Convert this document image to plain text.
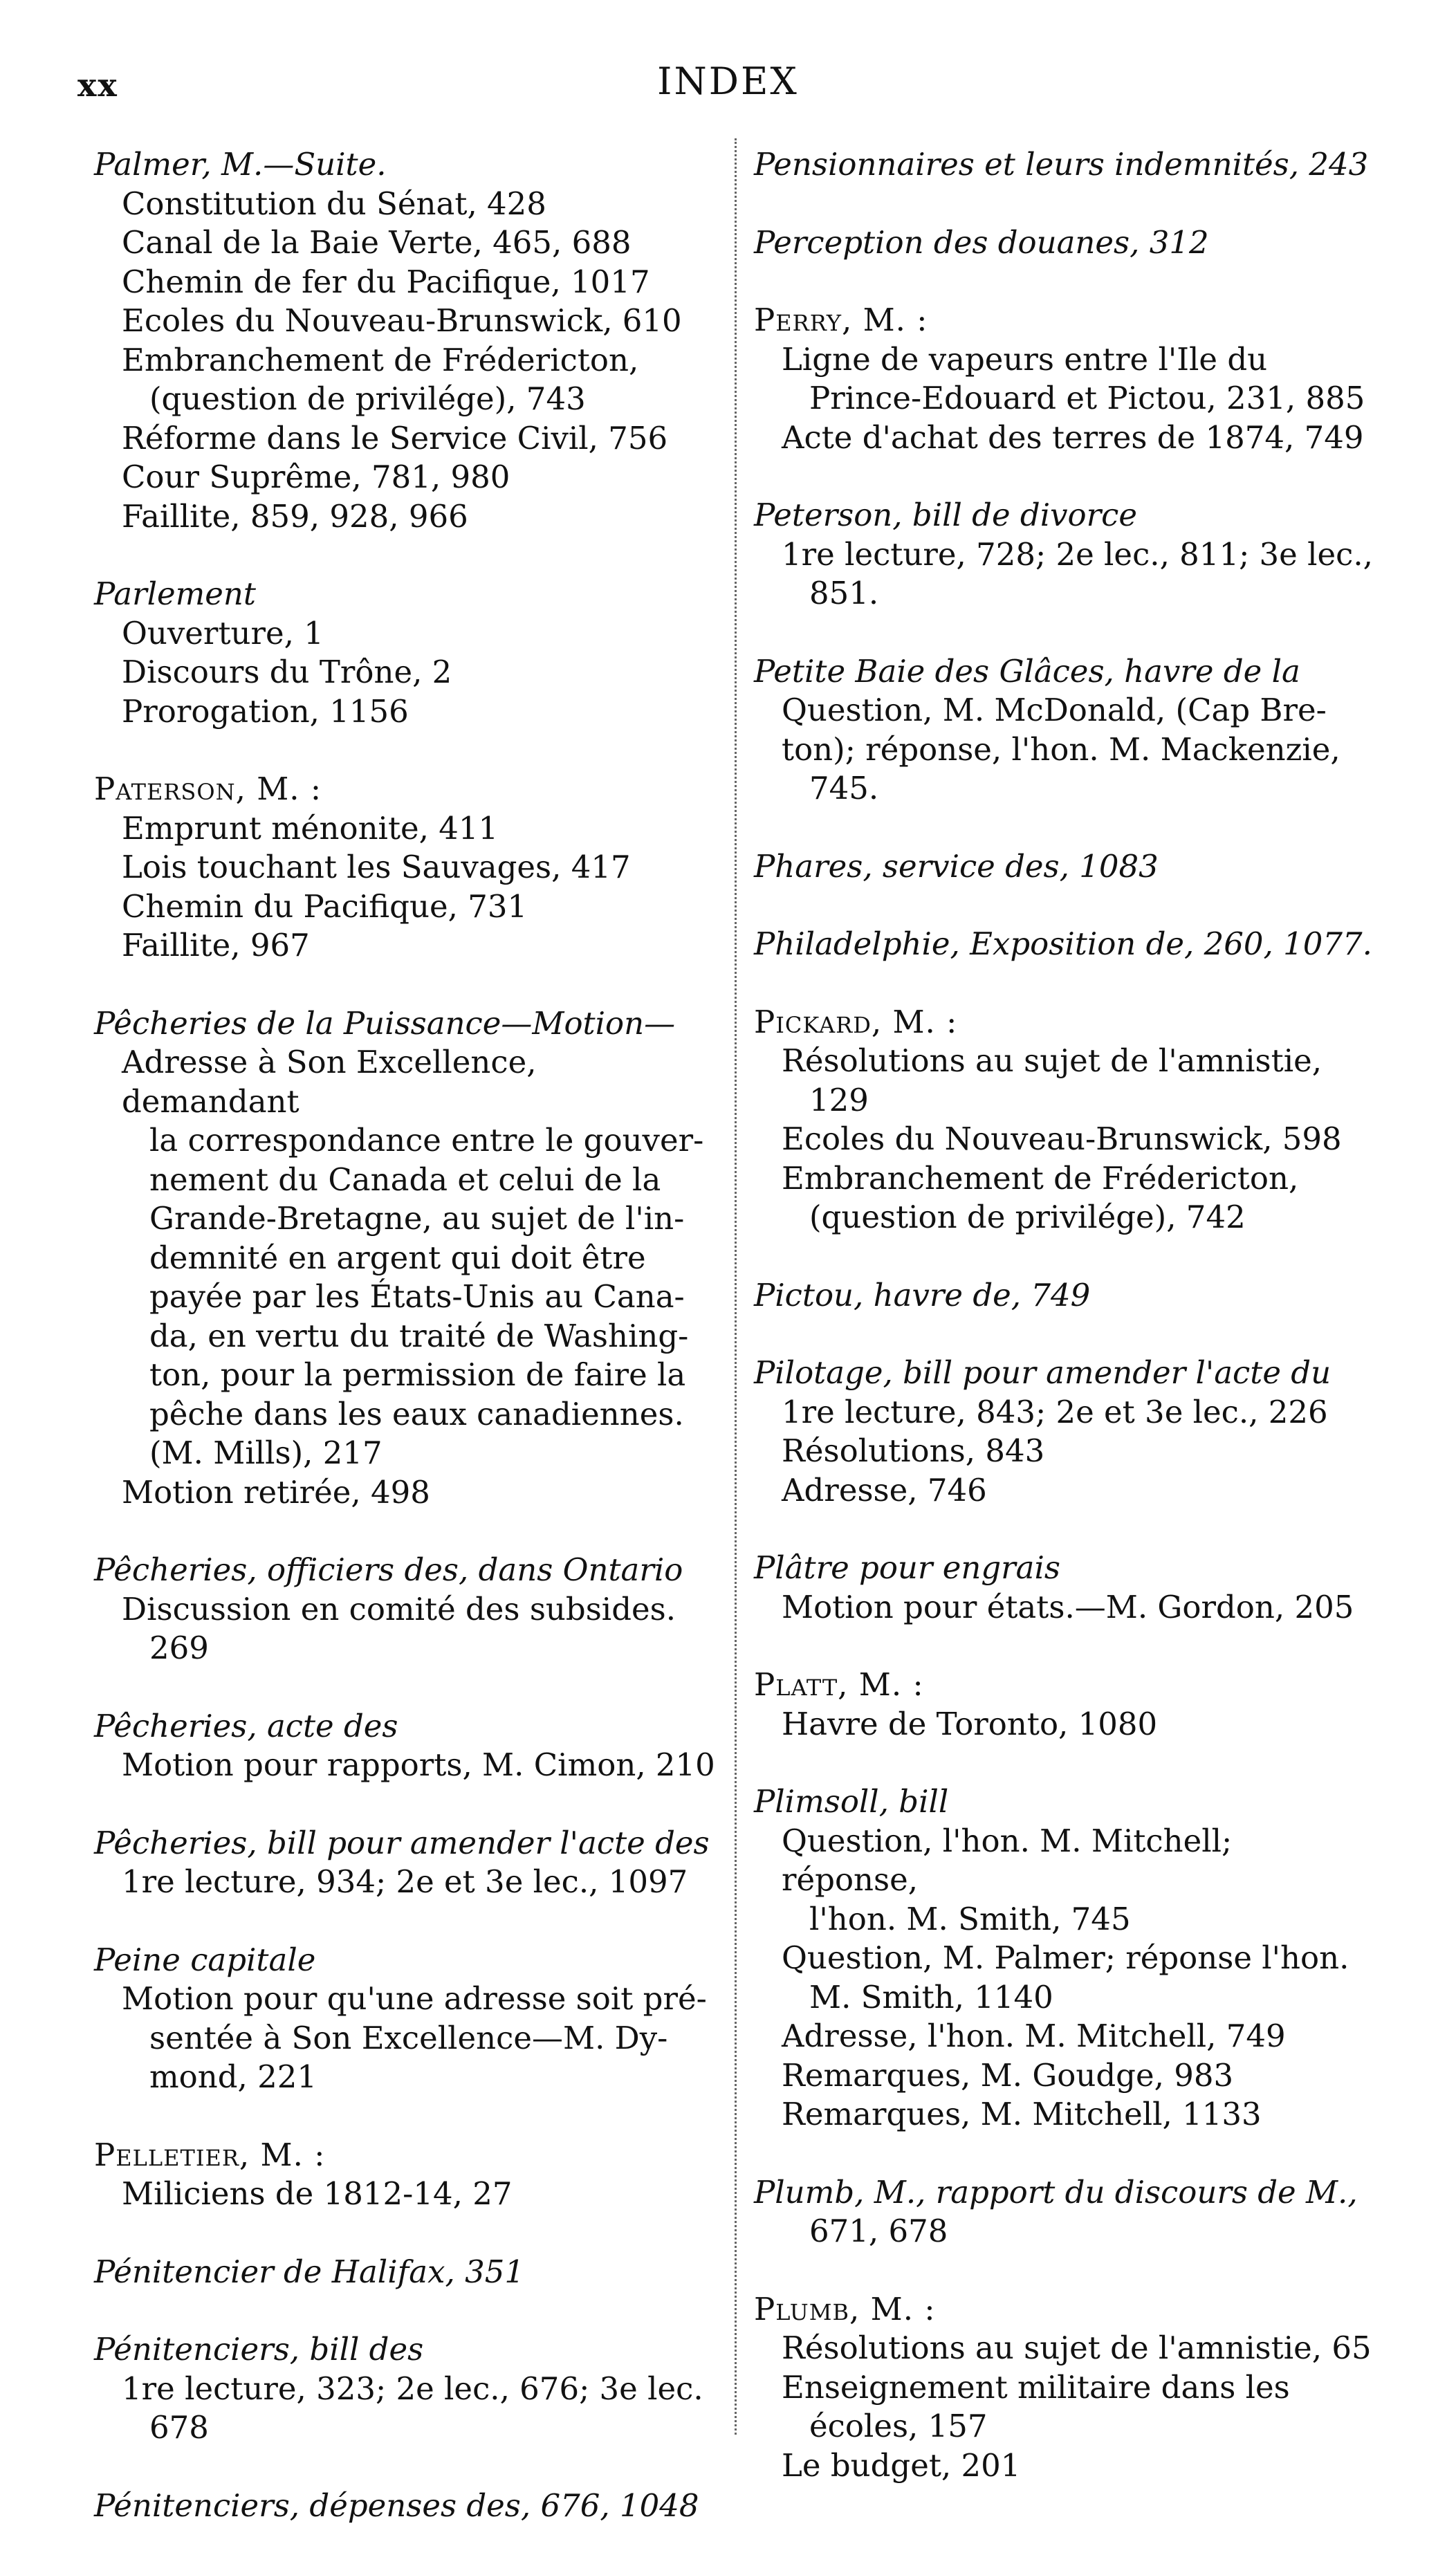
xx	INDEX
Palmer, M.—Suite.
Constitution du Sénat, 428
Canal de la Baie Verte, 465, 688
Chemin de fer du Pacifique, 1017
Ecoles du Nouveau-Brunswick, 610
Embranchement de Frédericton,
(question de privilége), 743
Réforme dans le Service Civil, 756
Cour Suprême, 781, 980
Faillite, 859, 928, 966
Parlement
Ouverture, 1
Discours du Trône, 2
Prorogation, 1156
Paterson, M. :
Emprunt ménonite, 411
Lois touchant les Sauvages, 417
Chemin du Pacifique, 731
Faillite, 967
Pêcheries de la Puissance—Motion—
Adresse à Son Excellence, demandant
la correspondance entre le gouver-
nement du Canada et celui de la
Grande-Bretagne, au sujet de l'in-
demnité en argent qui doit être
payée par les États-Unis au Cana-
da, en vertu du traité de Washing-
ton, pour la permission de faire la
pêche dans les eaux canadiennes.
(M. Mills), 217
Motion retirée, 498
Pêcheries, officiers des, dans Ontario
Discussion en comité des subsides.
269
Pêcheries, acte des
Motion pour rapports, M. Cimon, 210
Pêcheries, bill pour amender l'acte des
1re lecture, 934; 2e et 3e lec., 1097
Peine capitale
Motion pour qu'une adresse soit pré-
sentée à Son Excellence—M. Dy-
mond, 221
Pelletier, M. :
Miliciens de 1812-14, 27
Pénitencier de Halifax, 351
Pénitenciers, bill des
1re lecture, 323; 2e lec., 676; 3e lec.
678
Pénitenciers, dépenses des, 676, 1048
Pensionnaires et leurs indemnités, 243
Perception des douanes, 312
Perry, M. :
Ligne de vapeurs entre l'Ile du
Prince-Edouard et Pictou, 231, 885
Acte d'achat des terres de 1874, 749
Peterson, bill de divorce
1re lecture, 728; 2e lec., 811; 3e lec.,
851.
Petite Baie des Glâces, havre de la
Question, M. McDonald, (Cap Bre-
ton); réponse, l'hon. M. Mackenzie,
745.
Phares, service des, 1083
Philadelphie, Exposition de, 260, 1077.
Pickard, M. :
Résolutions au sujet de l'amnistie,
129
Ecoles du Nouveau-Brunswick, 598
Embranchement de Frédericton,
(question de privilége), 742
Pictou, havre de, 749
Pilotage, bill pour amender l'acte du
1re lecture, 843; 2e et 3e lec., 226
Résolutions, 843
Adresse, 746
Plâtre pour engrais
Motion pour états.—M. Gordon, 205
Platt, M. :
Havre de Toronto, 1080
Plimsoll, bill
Question, l'hon. M. Mitchell; réponse,
l'hon. M. Smith, 745
Question, M. Palmer; réponse l'hon.
M. Smith, 1140
Adresse, l'hon. M. Mitchell, 749
Remarques, M. Goudge, 983
Remarques, M. Mitchell, 1133
Plumb, M., rapport du discours de M.,
671, 678
Plumb, M. :
Résolutions au sujet de l'amnistie, 65
Enseignement militaire dans les
écoles, 157
Le budget, 201
